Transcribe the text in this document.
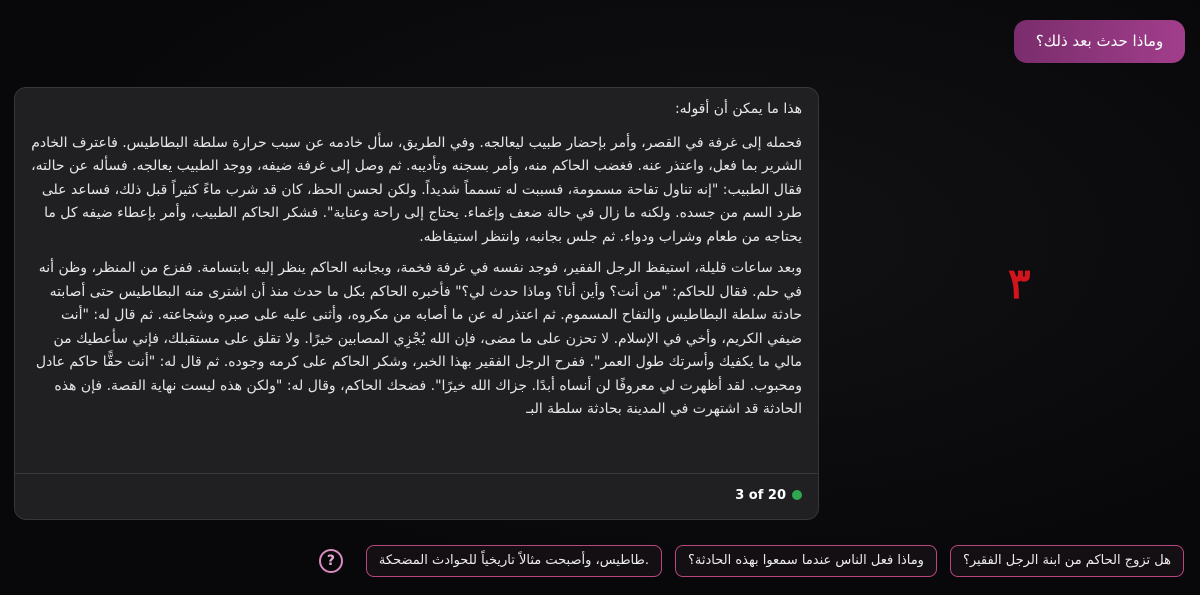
وماذا حدث بعد ذلك؟

هذا ما يمكن أن أقوله:

فحمله إلى غرفة في القصر، وأمر بإحضار طبيب ليعالجه. وفي الطريق، سأل خادمه عن سبب حرارة سلطة البطاطيس. فاعترف الخادم الشرير بما فعل، واعتذر عنه. فغضب الحاكم منه، وأمر بسجنه وتأديبه. ثم وصل إلى غرفة ضيفه، ووجد الطبيب يعالجه. فسأله عن حالته، فقال الطبيب: "إنه تناول تفاحة مسمومة، فسببت له تسمماً شديداً. ولكن لحسن الحظ، كان قد شرب ماءً كثيراً قبل ذلك، فساعد على طرد السم من جسده. ولكنه ما زال في حالة ضعف وإغماء. يحتاج إلى راحة وعناية". فشكر الحاكم الطبيب، وأمر بإعطاء ضيفه كل ما يحتاجه من طعام وشراب ودواء. ثم جلس بجانبه، وانتظر استيقاظه.

وبعد ساعات قليلة، استيقظ الرجل الفقير، فوجد نفسه في غرفة فخمة، وبجانبه الحاكم ينظر إليه بابتسامة. ففزع من المنظر، وظن أنه في حلم. فقال للحاكم: "من أنت؟ وأين أنا؟ وماذا حدث لي؟" فأخبره الحاكم بكل ما حدث منذ أن اشترى منه البطاطيس حتى أصابته حادثة سلطة البطاطيس والتفاح المسموم. ثم اعتذر له عن ما أصابه من مكروه، وأثنى عليه على صبره وشجاعته. ثم قال له: "أنت ضيفي الكريم، وأخي في الإسلام. لا تحزن على ما مضى، فإن الله يُجْزِي المصابين خيرًا. ولا تقلق على مستقبلك، فإني سأعطيك من مالي ما يكفيك وأسرتك طول العمر". ففرح الرجل الفقير بهذا الخبر، وشكر الحاكم على كرمه وجوده. ثم قال له: "أنت حقًّا حاكم عادل ومحبوب. لقد أظهرت لي معروفًا لن أنساه أبدًا. جزاك الله خيرًا". فضحك الحاكم، وقال له: "ولكن هذه ليست نهاية القصة. فإن هذه الحادثة قد اشتهرت في المدينة بحادثة سلطة البـ

3 of 20
٣
هل تزوج الحاكم من ابنة الرجل الفقير؟
وماذا فعل الناس عندما سمعوا بهذه الحادثة؟
.طاطيس، وأصبحت مثالاً تاريخياً للحوادث المضحكة
?
